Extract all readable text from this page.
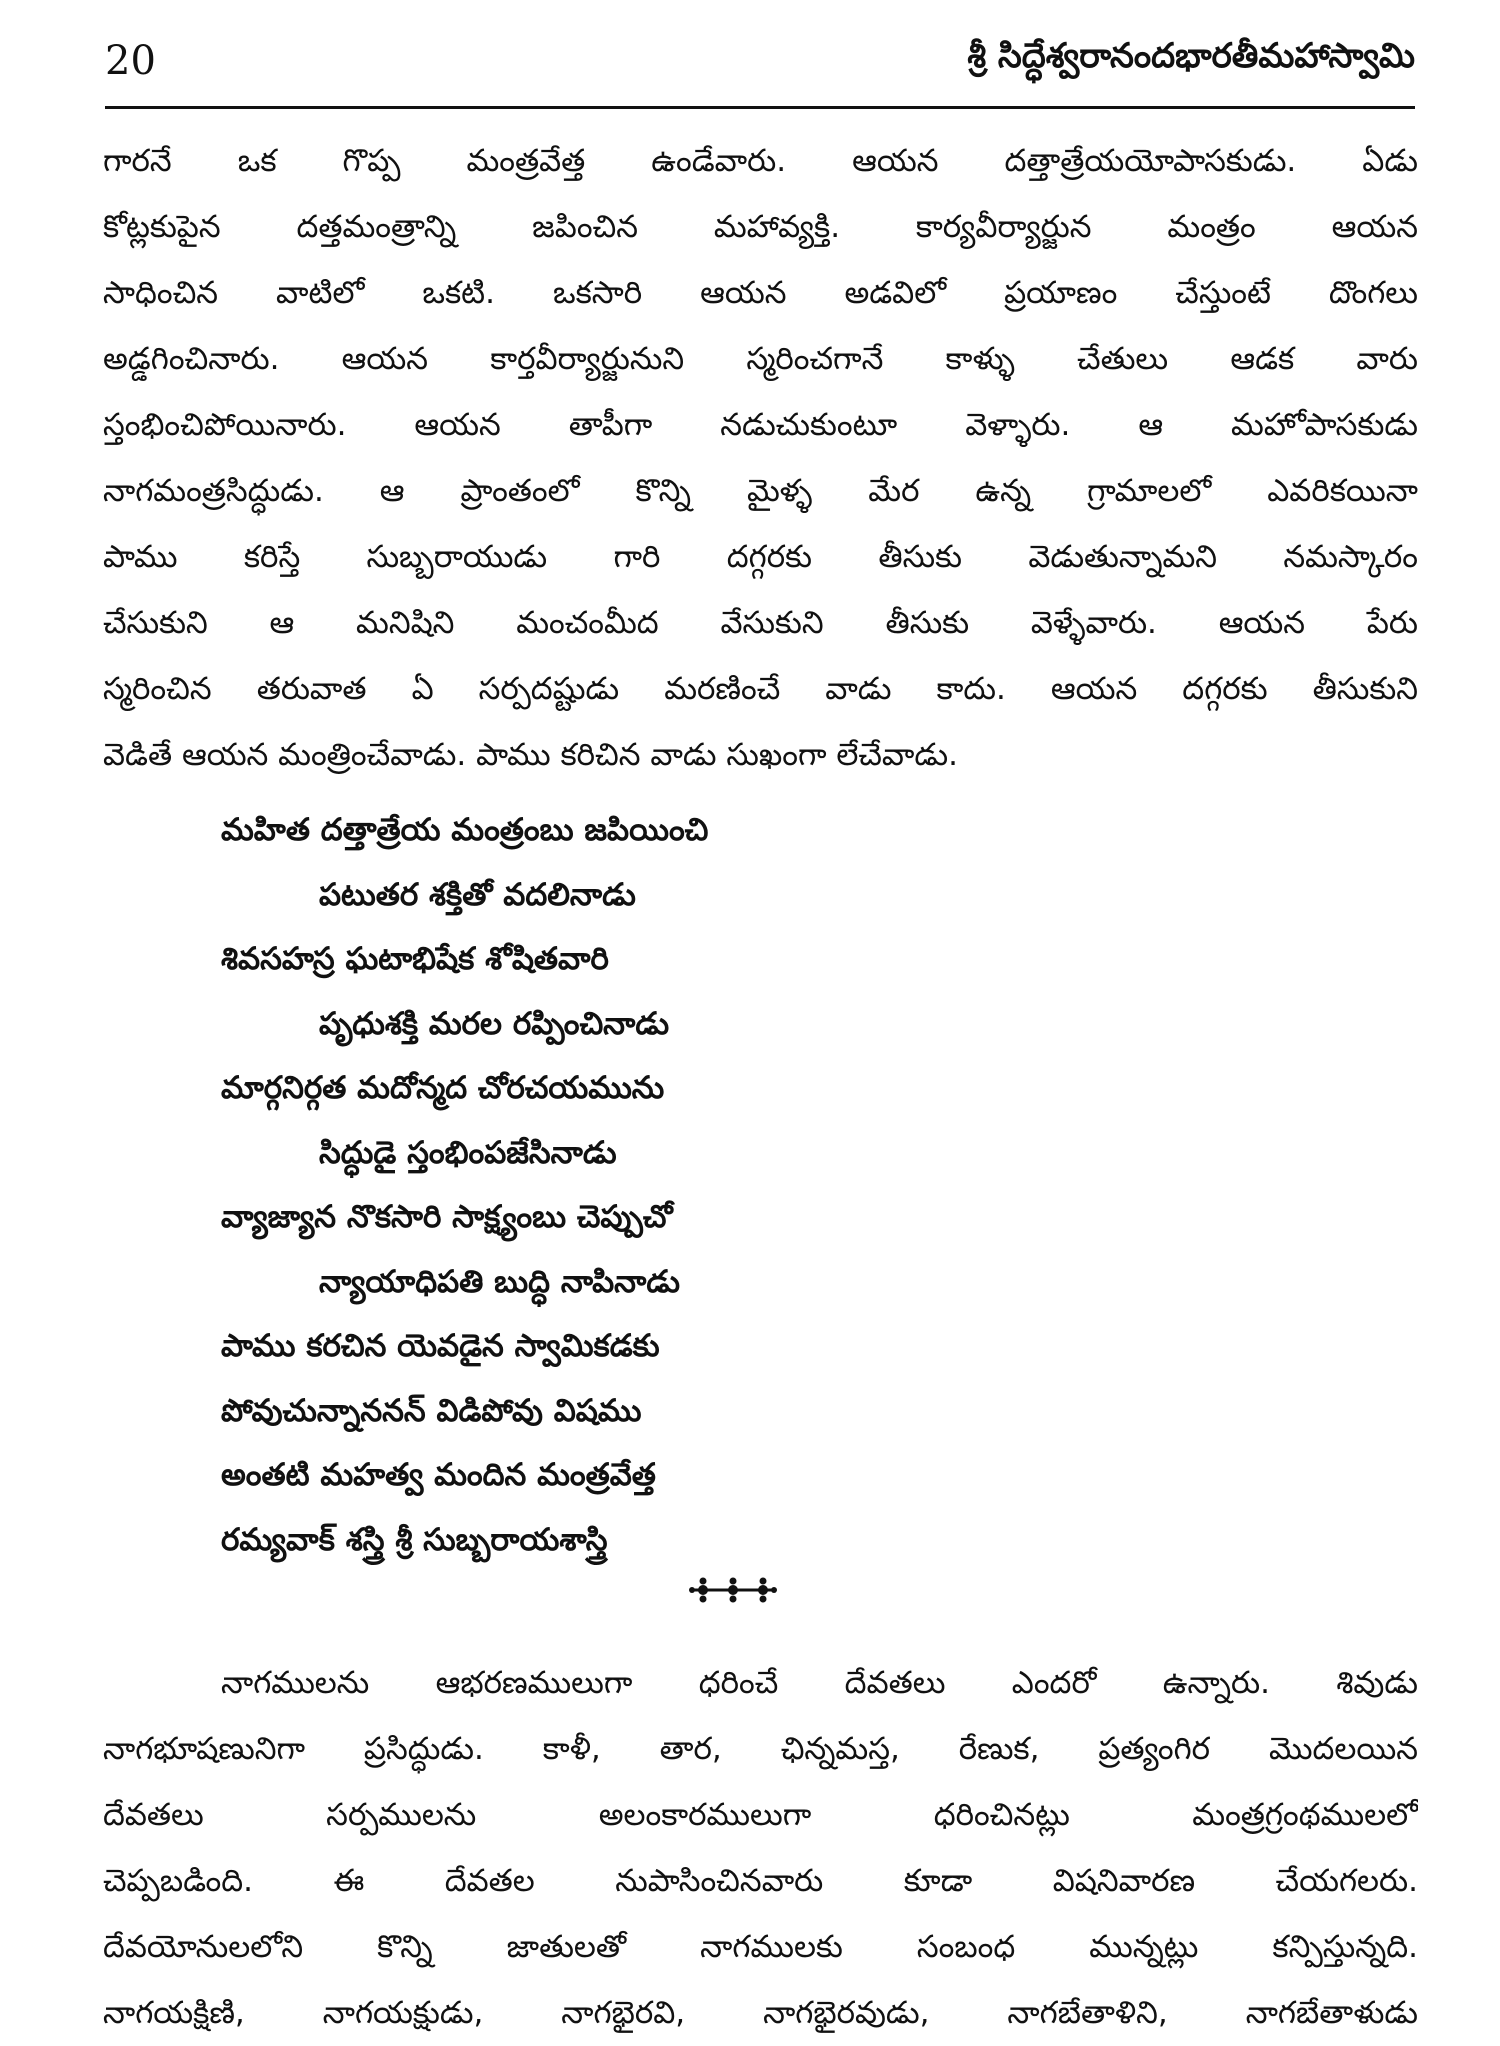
20	శ్రీ సిద్ధేశ్వరానందభారతీమహాస్వామి
గారనే ఒక గొప్ప మంత్రవేత్త ఉండేవారు. ఆయన దత్తాత్రేయయోపాసకుడు. ఏడు
కోట్లకుపైన దత్తమంత్రాన్ని జపించిన మహావ్యక్తి. కార్యవీర్యార్జున మంత్రం ఆయన
సాధించిన వాటిలో ఒకటి. ఒకసారి ఆయన అడవిలో ప్రయాణం చేస్తుంటే దొంగలు
అడ్డగించినారు. ఆయన కార్తవీర్యార్జునుని స్మరించగానే కాళ్ళు చేతులు ఆడక వారు
స్తంభించిపోయినారు. ఆయన తాపీగా నడుచుకుంటూ వెళ్ళారు. ఆ మహోపాసకుడు
నాగమంత్రసిద్ధుడు. ఆ ప్రాంతంలో కొన్ని మైళ్ళ మేర ఉన్న గ్రామాలలో ఎవరికయినా
పాము కరిస్తే సుబ్బరాయుడు గారి దగ్గరకు తీసుకు వెడుతున్నామని నమస్కారం
చేసుకుని ఆ మనిషిని మంచంమీద వేసుకుని తీసుకు వెళ్ళేవారు. ఆయన పేరు
స్మరించిన తరువాత ఏ సర్పదష్టుడు మరణించే వాడు కాదు. ఆయన దగ్గరకు తీసుకుని
వెడితే ఆయన మంత్రించేవాడు. పాము కరిచిన వాడు సుఖంగా లేచేవాడు.
మహిత దత్తాత్రేయ మంత్రంబు జపియించి
పటుతర శక్తితో వదలినాడు
శివసహస్ర ఘటాభిషేక శోషితవారి
పృధుశక్తి మరల రప్పించినాడు
మార్గనిర్గత మదోన్మద చోరచయమును
సిద్ధుడై స్తంభింపజేసినాడు
వ్యాజ్యాన నొకసారి సాక్ష్యంబు చెప్పుచో
న్యాయాధిపతి బుద్ధి నాపినాడు
పాము కరచిన యెవడైన స్వామికడకు
పోవుచున్నాననన్ విడిపోవు విషము
అంతటి మహత్వ మందిన మంత్రవేత్త
రమ్యవాక్ శస్త్రి శ్రీ సుబ్బరాయశాస్త్రి
నాగములను ఆభరణములుగా ధరించే దేవతలు ఎందరో ఉన్నారు. శివుడు
నాగభూషణునిగా ప్రసిద్ధుడు. కాళీ, తార, ఛిన్నమస్త, రేణుక, ప్రత్యంగిర మొదలయిన
దేవతలు సర్పములను అలంకారములుగా ధరించినట్లు మంత్రగ్రంథములలో
చెప్పబడింది. ఈ దేవతల నుపాసించినవారు కూడా విషనివారణ చేయగలరు.
దేవయోనులలోని కొన్ని జాతులతో నాగములకు సంబంధ మున్నట్లు కన్పిస్తున్నది.
నాగయక్షిణి, నాగయక్షుడు, నాగభైరవి, నాగభైరవుడు, నాగబేతాళిని, నాగబేతాళుడు
